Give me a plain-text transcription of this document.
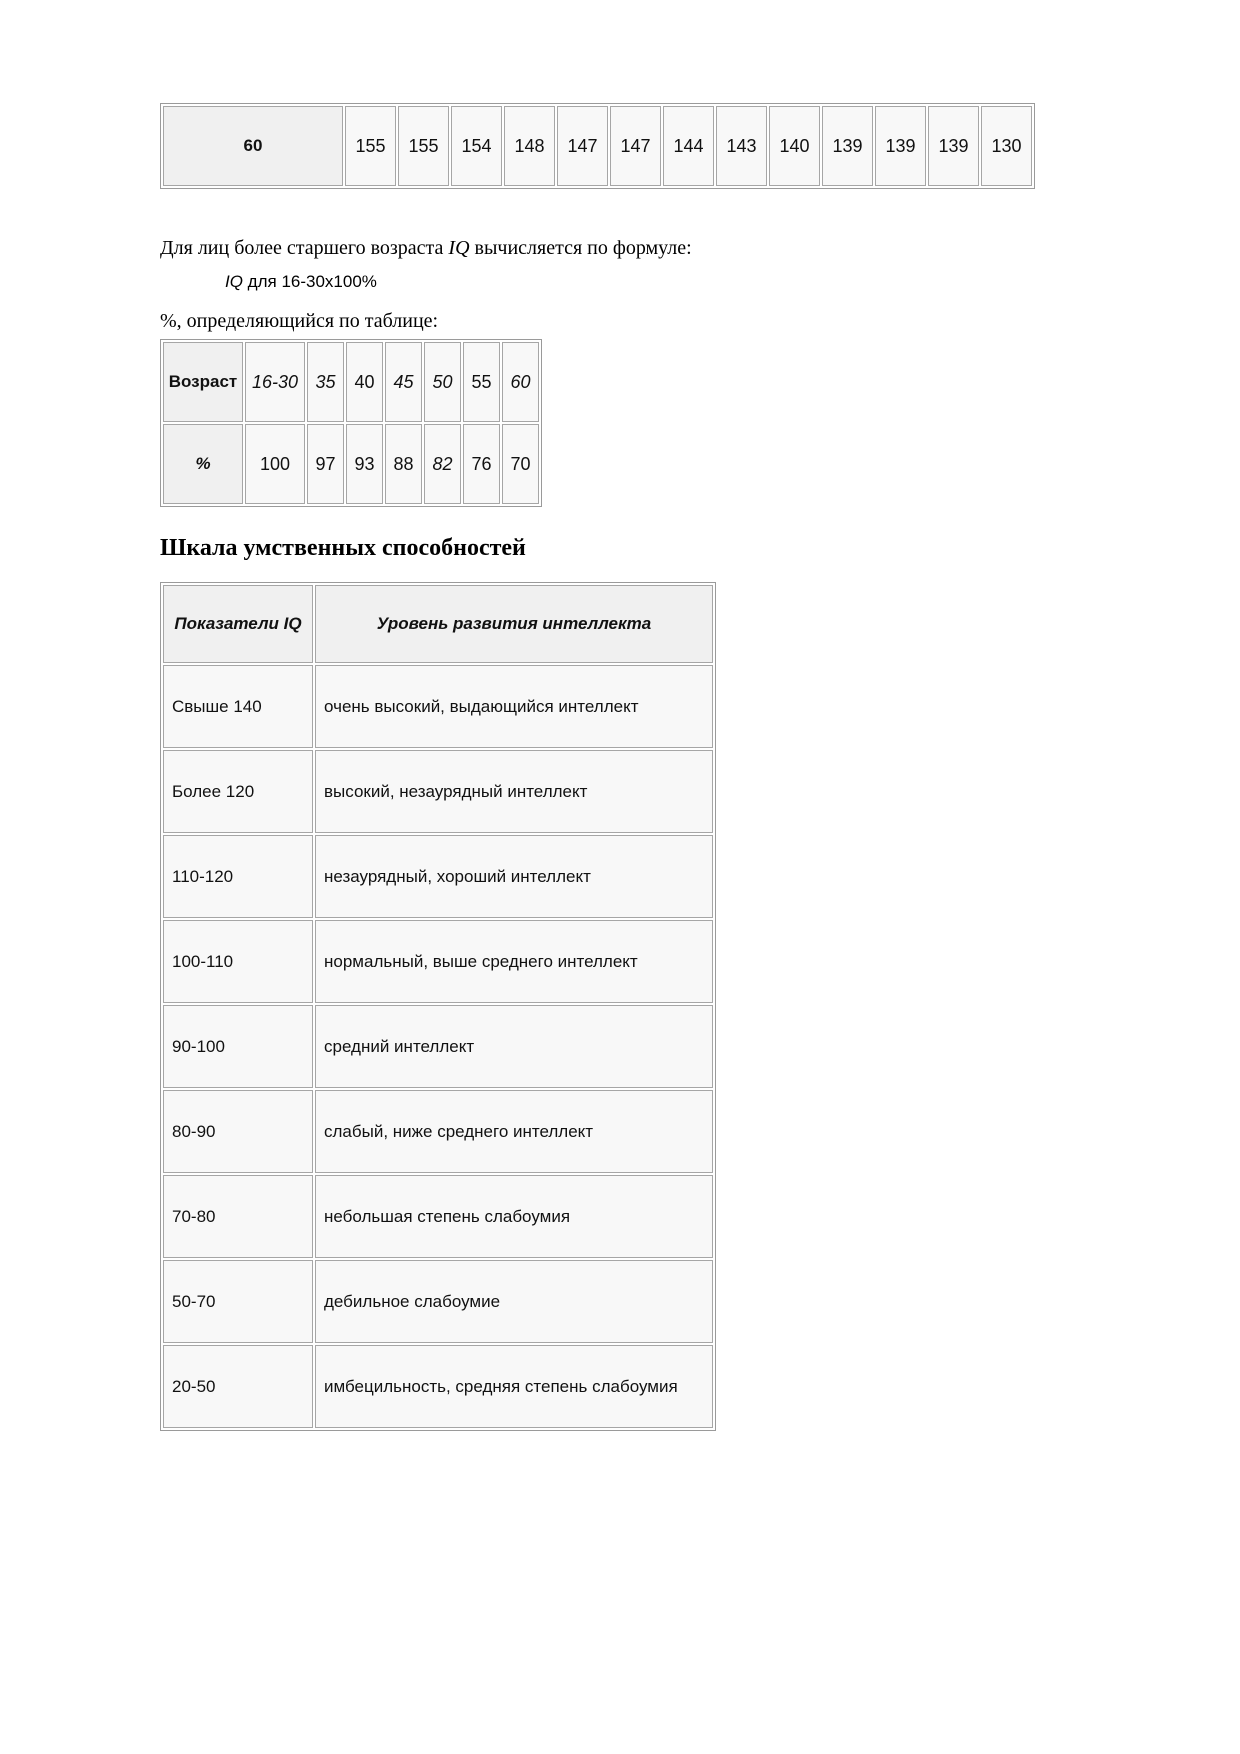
60	155	155	154	148	147	147	144	143	140	139	139	139	130

Для лиц более старшего возраста IQ вычисляется по формуле:

IQ для 16-30х100%

%, определяющийся по таблице:

Возраст	16-30	35	40	45	50	55	60
%	100	97	93	88	82	76	70
Шкала умственных способностей
Показатели IQ	Уровень развития интеллекта
Свыше 140	очень высокий, выдающийся интеллект
Более 120	высокий, незаурядный интеллект
110-120	незаурядный, хороший интеллект
100-110	нормальный, выше среднего интеллект
90-100	средний интеллект
80-90	слабый, ниже среднего интеллект
70-80	небольшая степень слабоумия
50-70	дебильное слабоумие
20-50	имбецильность, средняя степень слабоумия
